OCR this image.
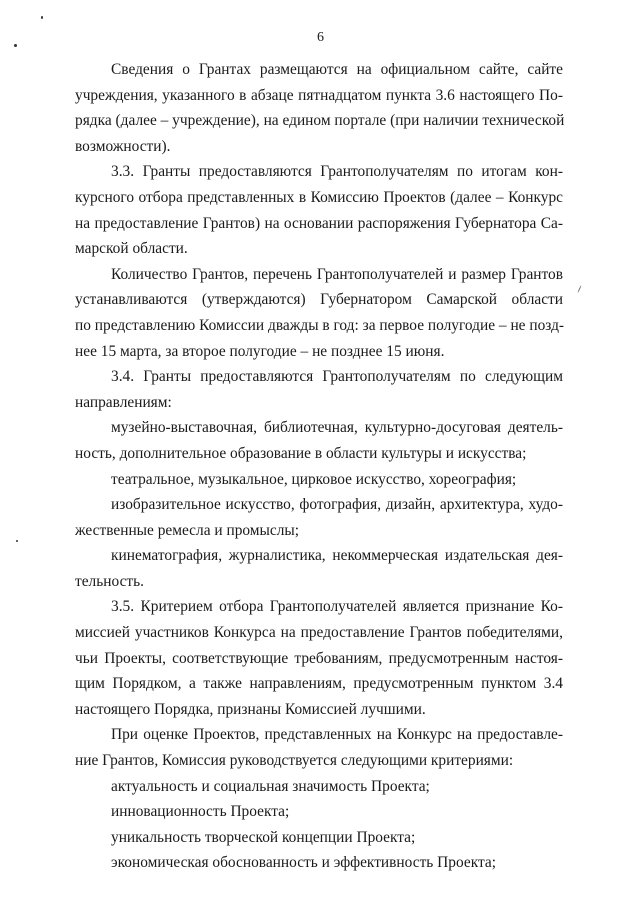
6
Сведения о Грантах размещаются на официальном сайте, сайте
учреждения, указанного в абзаце пятнадцатом пункта 3.6 настоящего По-
рядка (далее – учреждение), на едином портале (при наличии технической
возможности).
3.3. Гранты предоставляются Грантополучателям по итогам кон-
курсного отбора представленных в Комиссию Проектов (далее – Конкурс
на предоставление Грантов) на основании распоряжения Губернатора Са-
марской области.
Количество Грантов, перечень Грантополучателей и размер Грантов
устанавливаются (утверждаются) Губернатором Самарской области
по представлению Комиссии дважды в год: за первое полугодие – не позд-
нее 15 марта, за второе полугодие – не позднее 15 июня.
3.4. Гранты предоставляются Грантополучателям по следующим
направлениям:
музейно-выставочная, библиотечная, культурно-досуговая деятель-
ность, дополнительное образование в области культуры и искусства;
театральное, музыкальное, цирковое искусство, хореография;
изобразительное искусство, фотография, дизайн, архитектура, худо-
жественные ремесла и промыслы;
кинематография, журналистика, некоммерческая издательская дея-
тельность.
3.5. Критерием отбора Грантополучателей является признание Ко-
миссией участников Конкурса на предоставление Грантов победителями,
чьи Проекты, соответствующие требованиям, предусмотренным настоя-
щим Порядком, а также направлениям, предусмотренным пунктом 3.4
настоящего Порядка, признаны Комиссией лучшими.
При оценке Проектов, представленных на Конкурс на предоставле-
ние Грантов, Комиссия руководствуется следующими критериями:
актуальность и социальная значимость Проекта;
инновационность Проекта;
уникальность творческой концепции Проекта;
экономическая обоснованность и эффективность Проекта;
